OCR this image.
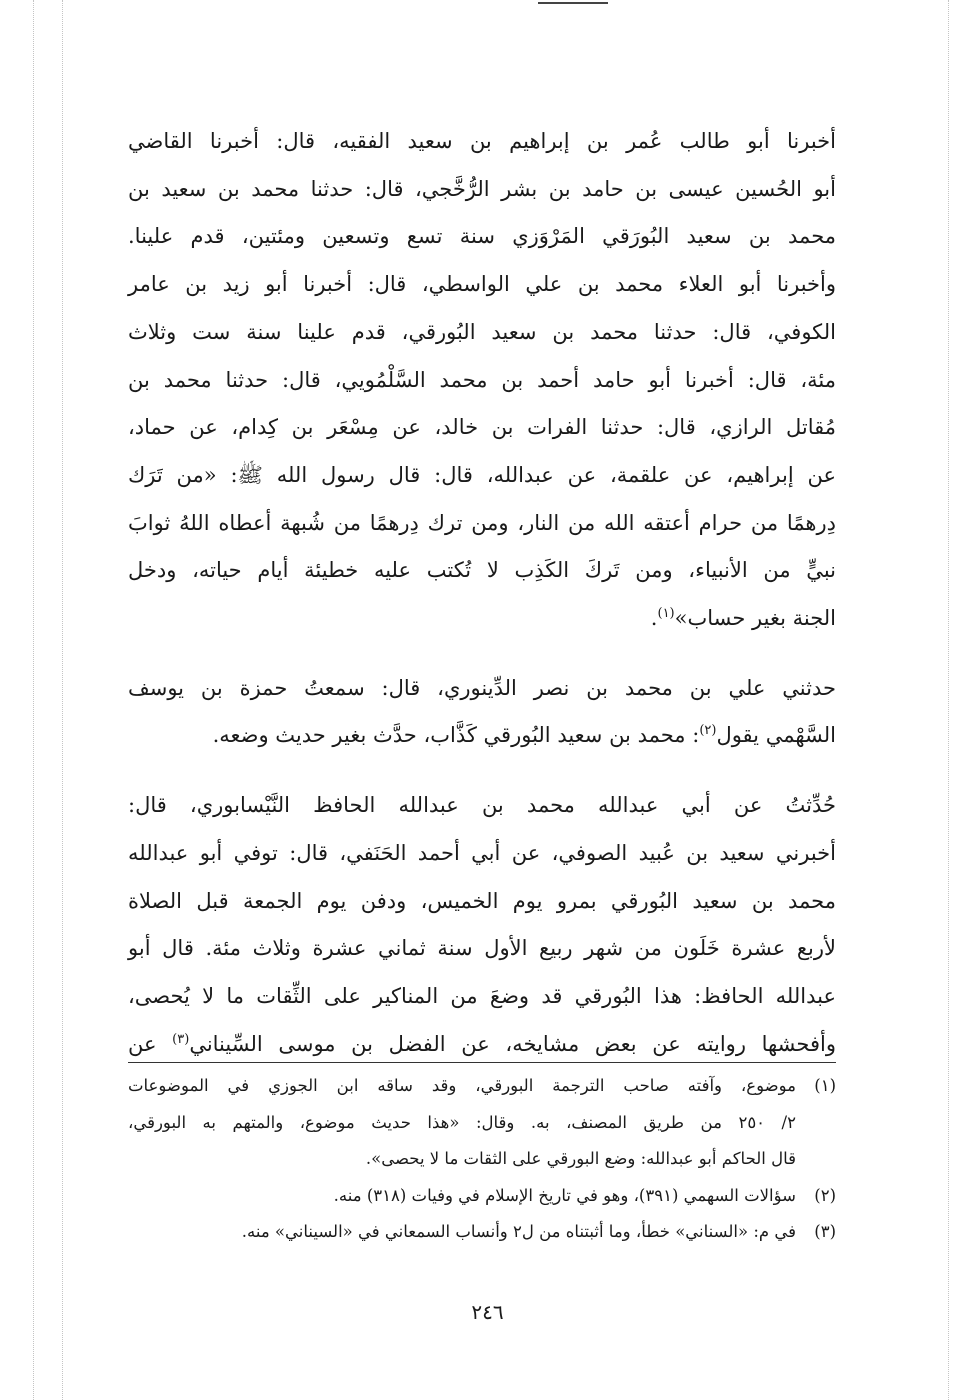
أخبرنا أبو طالب عُمر بن إبراهيم بن سعيد الفقيه، قال: أخبرنا القاضي
أبو الحُسين عيسى بن حامد بن بشر الرُّخَّجي، قال: حدثنا محمد بن سعيد بن
محمد بن سعيد البُورَقي المَرْوَزي سنة تسع وتسعين ومئتين، قدم علينا.
وأخبرنا أبو العلاء محمد بن علي الواسطي، قال: أخبرنا أبو زيد بن عامر
الكوفي، قال: حدثنا محمد بن سعيد البُورقي، قدم علينا سنة ست وثلاث
مئة، قال: أخبرنا أبو حامد أحمد بن محمد السَّلْمُويي، قال: حدثنا محمد بن
مُقاتل الرازي، قال: حدثنا الفرات بن خالد، عن مِسْعَر بن كِدام، عن حماد،
عن إبراهيم، عن علقمة، عن عبدالله، قال: قال رسول الله ﷺ: «من تَرَك
دِرهمًا من حرام أعتقه الله من النار، ومن ترك دِرهمًا من شُبهة أعطاه اللهُ ثوابَ
نبيٍّ من الأنبياء، ومن تَركَ الكَذِب لا تُكتب عليه خطيئة أيام حياته، ودخل
الجنة بغير حساب»$^{(١)}$.

حدثني علي بن محمد بن نصر الدِّينوري، قال: سمعتُ حمزة بن يوسف
السَّهْمي يقول$^{(٢)}$: محمد بن سعيد البُورقي كَذَّاب، حدَّث بغير حديث وضعه.

حُدِّثتُ عن أبي عبدالله محمد بن عبدالله الحافظ النَّيْسابوري، قال:
أخبرني سعيد بن عُبيد الصوفي، عن أبي أحمد الحَنَفي، قال: توفي أبو عبدالله
محمد بن سعيد البُورقي بمرو يوم الخميس، ودفن يوم الجمعة قبل الصلاة
لأربع عشرة خَلَون من شهر ربيع الأول سنة ثماني عشرة وثلاث مئة. قال أبو
عبدالله الحافظ: هذا البُورقي قد وضعَ من المناكير على الثِّقات ما لا يُحصى،
وأفحشها روايته عن بعض مشايخه، عن الفضل بن موسى السِّيناني$^{(٣)}$ عن

(١)
موضوع، وآفته صاحب الترجمة البورقي، وقد ساقه ابن الجوزي في الموضوعات
٢/ ٢٥٠ من طريق المصنف، به. وقال: «هذا حديث موضوع، والمتهم به البورقي،
قال الحاكم أبو عبدالله: وضع البورقي على الثقات ما لا يحصى».
(٢)
سؤالات السهمي (٣٩١)، وهو في تاريخ الإسلام في وفيات (٣١٨) منه.
(٣)
في م: «السناني» خطأ، وما أثبتناه من ل٢ وأنساب السمعاني في «السيناني» منه.
٢٤٦
